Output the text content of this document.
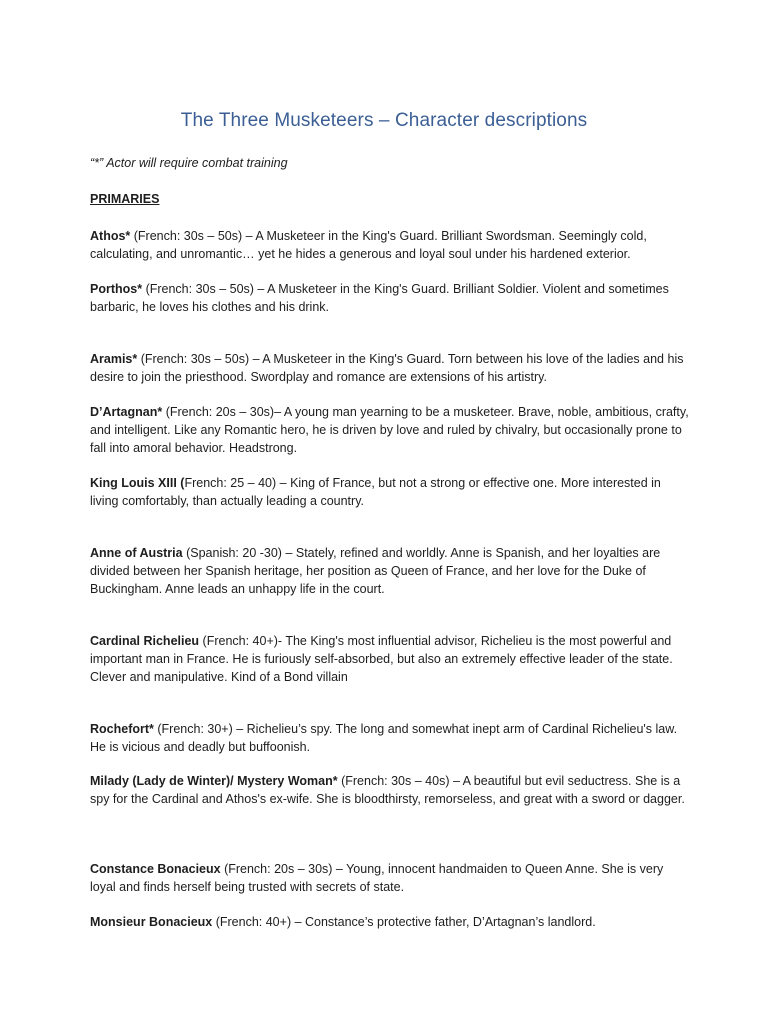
The Three Musketeers – Character descriptions
“*” Actor will require combat training
PRIMARIES
Athos* (French: 30s – 50s) – A Musketeer in the King's Guard. Brilliant Swordsman. Seemingly cold, calculating, and unromantic… yet he hides a generous and loyal soul under his hardened exterior.
Porthos* (French: 30s – 50s) – A Musketeer in the King's Guard. Brilliant Soldier. Violent and sometimes barbaric, he loves his clothes and his drink.
Aramis* (French: 30s – 50s) – A Musketeer in the King's Guard. Torn between his love of the ladies and his desire to join the priesthood. Swordplay and romance are extensions of his artistry.
D’Artagnan* (French: 20s – 30s)– A young man yearning to be a musketeer. Brave, noble, ambitious, crafty, and intelligent. Like any Romantic hero, he is driven by love and ruled by chivalry, but occasionally prone to fall into amoral behavior. Headstrong.
King Louis XIII (French: 25 – 40) – King of France, but not a strong or effective one. More interested in living comfortably, than actually leading a country.
Anne of Austria (Spanish: 20 -30) – Stately, refined and worldly. Anne is Spanish, and her loyalties are divided between her Spanish heritage, her position as Queen of France, and her love for the Duke of Buckingham. Anne leads an unhappy life in the court.
Cardinal Richelieu (French: 40+)- The King's most influential advisor, Richelieu is the most powerful and important man in France. He is furiously self-absorbed, but also an extremely effective leader of the state. Clever and manipulative. Kind of a Bond villain
Rochefort* (French: 30+) – Richelieu’s spy. The long and somewhat inept arm of Cardinal Richelieu's law. He is vicious and deadly but buffoonish.
Milady (Lady de Winter)/ Mystery Woman* (French: 30s – 40s) – A beautiful but evil seductress. She is a spy for the Cardinal and Athos's ex-wife. She is bloodthirsty, remorseless, and great with a sword or dagger.
Constance Bonacieux (French: 20s – 30s) – Young, innocent handmaiden to Queen Anne. She is very loyal and finds herself being trusted with secrets of state.
Monsieur Bonacieux (French: 40+) – Constance’s protective father, D’Artagnan’s landlord.
